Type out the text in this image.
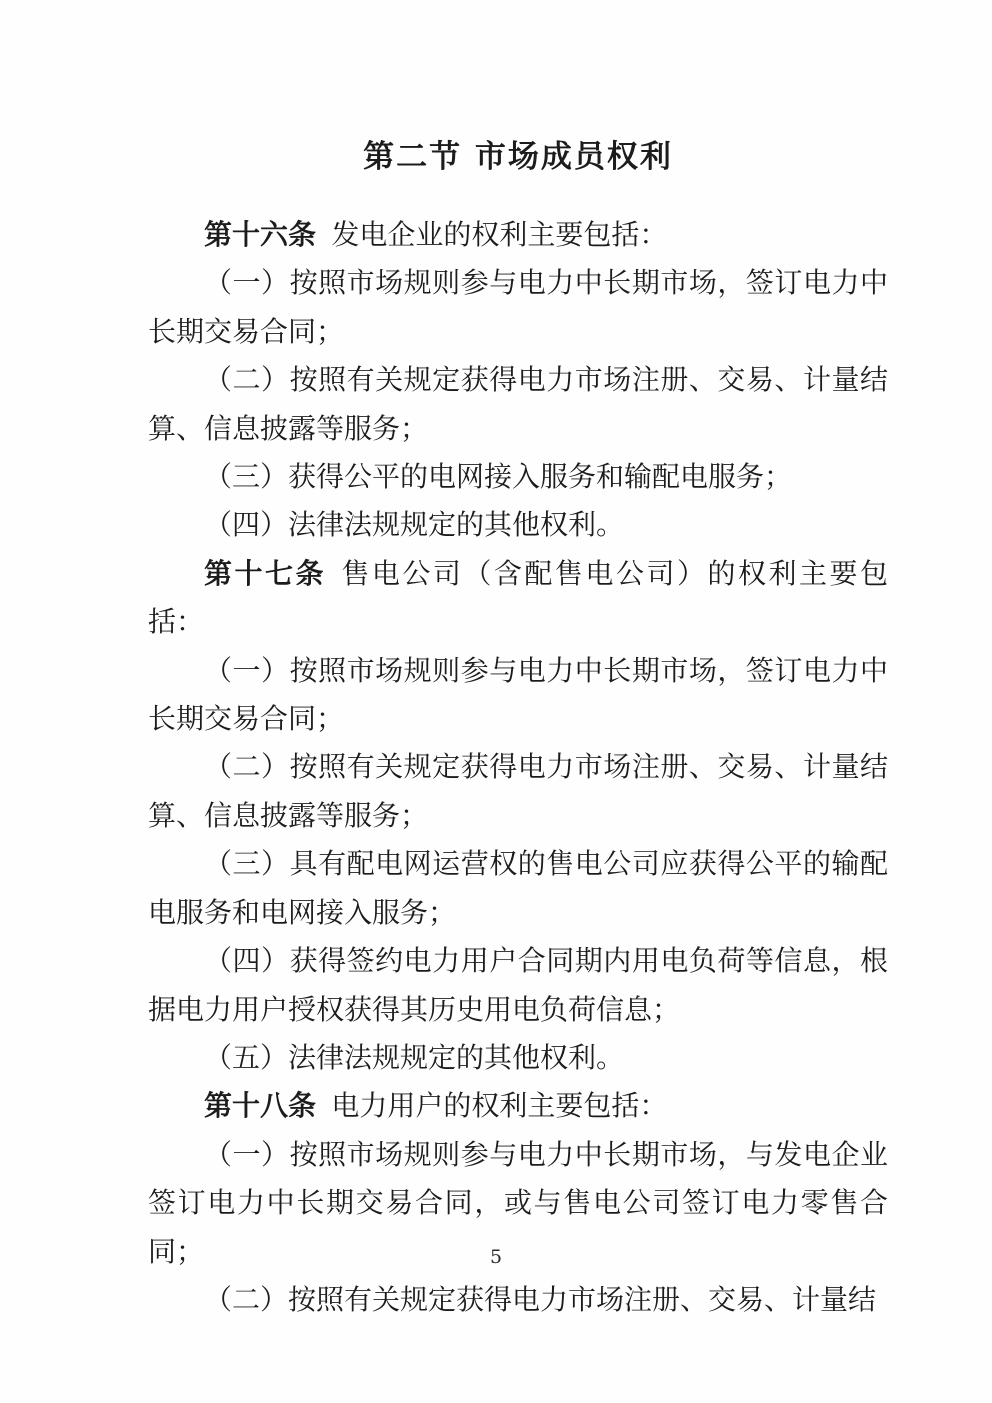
第二节 市场成员权利

第十六条 发电企业的权利主要包括：

（一）按照市场规则参与电力中长期市场，签订电力中长期交易合同；

（二）按照有关规定获得电力市场注册、交易、计量结算、信息披露等服务；

（三）获得公平的电网接入服务和输配电服务；

（四）法律法规规定的其他权利。

第十七条 售电公司（含配售电公司）的权利主要包括：

（一）按照市场规则参与电力中长期市场，签订电力中长期交易合同；

（二）按照有关规定获得电力市场注册、交易、计量结算、信息披露等服务；

（三）具有配电网运营权的售电公司应获得公平的输配电服务和电网接入服务；

（四）获得签约电力用户合同期内用电负荷等信息，根据电力用户授权获得其历史用电负荷信息；

（五）法律法规规定的其他权利。

第十八条 电力用户的权利主要包括：

（一）按照市场规则参与电力中长期市场，与发电企业签订电力中长期交易合同，或与售电公司签订电力零售合同；

（二）按照有关规定获得电力市场注册、交易、计量结

5
